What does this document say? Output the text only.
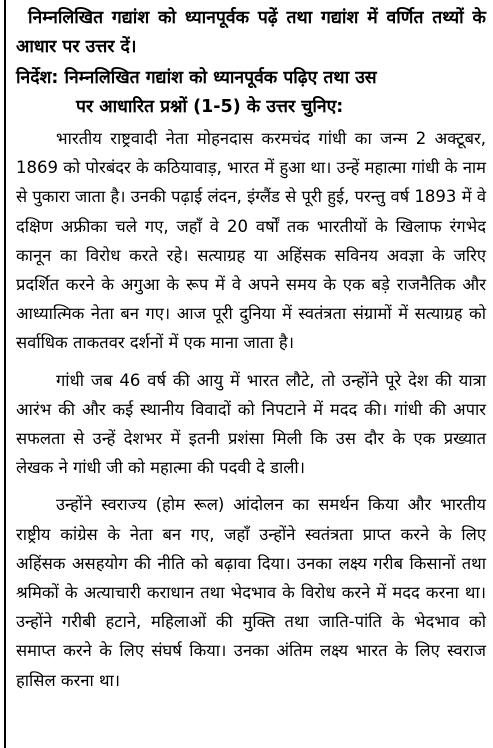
निम्नलिखित गद्यांश को ध्यानपूर्वक पढ़ें तथा गद्यांश में वर्णित तथ्यों के आधार पर उत्तर दें।

निर्देश: निम्नलिखित गद्यांश को ध्यानपूर्वक पढ़िए तथा उस
पर आधारित प्रश्नों (1-5) के उत्तर चुनिए:

भारतीय राष्ट्रवादी नेता मोहनदास करमचंद गांधी का जन्म 2 अक्टूबर, 1869 को पोरबंदर के कठियावाड़, भारत में हुआ था। उन्हें महात्मा गांधी के नाम से पुकारा जाता है। उनकी पढ़ाई लंदन, इंग्लैंड से पूरी हुई, परन्तु वर्ष 1893 में वे दक्षिण अफ्रीका चले गए, जहाँ वे 20 वर्षों तक भारतीयों के खिलाफ रंगभेद कानून का विरोध करते रहे। सत्याग्रह या अहिंसक सविनय अवज्ञा के जरिए प्रदर्शित करने के अगुआ के रूप में वे अपने समय के एक बड़े राजनैतिक और आध्यात्मिक नेता बन गए। आज पूरी दुनिया में स्वतंत्रता संग्रामों में सत्याग्रह को सर्वाधिक ताकतवर दर्शनों में एक माना जाता है।

गांधी जब 46 वर्ष की आयु में भारत लौटे, तो उन्होंने पूरे देश की यात्रा आरंभ की और कई स्थानीय विवादों को निपटाने में मदद की। गांधी की अपार सफलता से उन्हें देशभर में इतनी प्रशंसा मिली कि उस दौर के एक प्रख्यात लेखक ने गांधी जी को महात्मा की पदवी दे डाली।

उन्होंने स्वराज्य (होम रूल) आंदोलन का समर्थन किया और भारतीय राष्ट्रीय कांग्रेस के नेता बन गए, जहाँ उन्होंने स्वतंत्रता प्राप्त करने के लिए अहिंसक असहयोग की नीति को बढ़ावा दिया। उनका लक्ष्य गरीब किसानों तथा श्रमिकों के अत्याचारी कराधान तथा भेदभाव के विरोध करने में मदद करना था। उन्होंने गरीबी हटाने, महिलाओं की मुक्ति तथा जाति-पांति के भेदभाव को समाप्त करने के लिए संघर्ष किया। उनका अंतिम लक्ष्य भारत के लिए स्वराज हासिल करना था।
